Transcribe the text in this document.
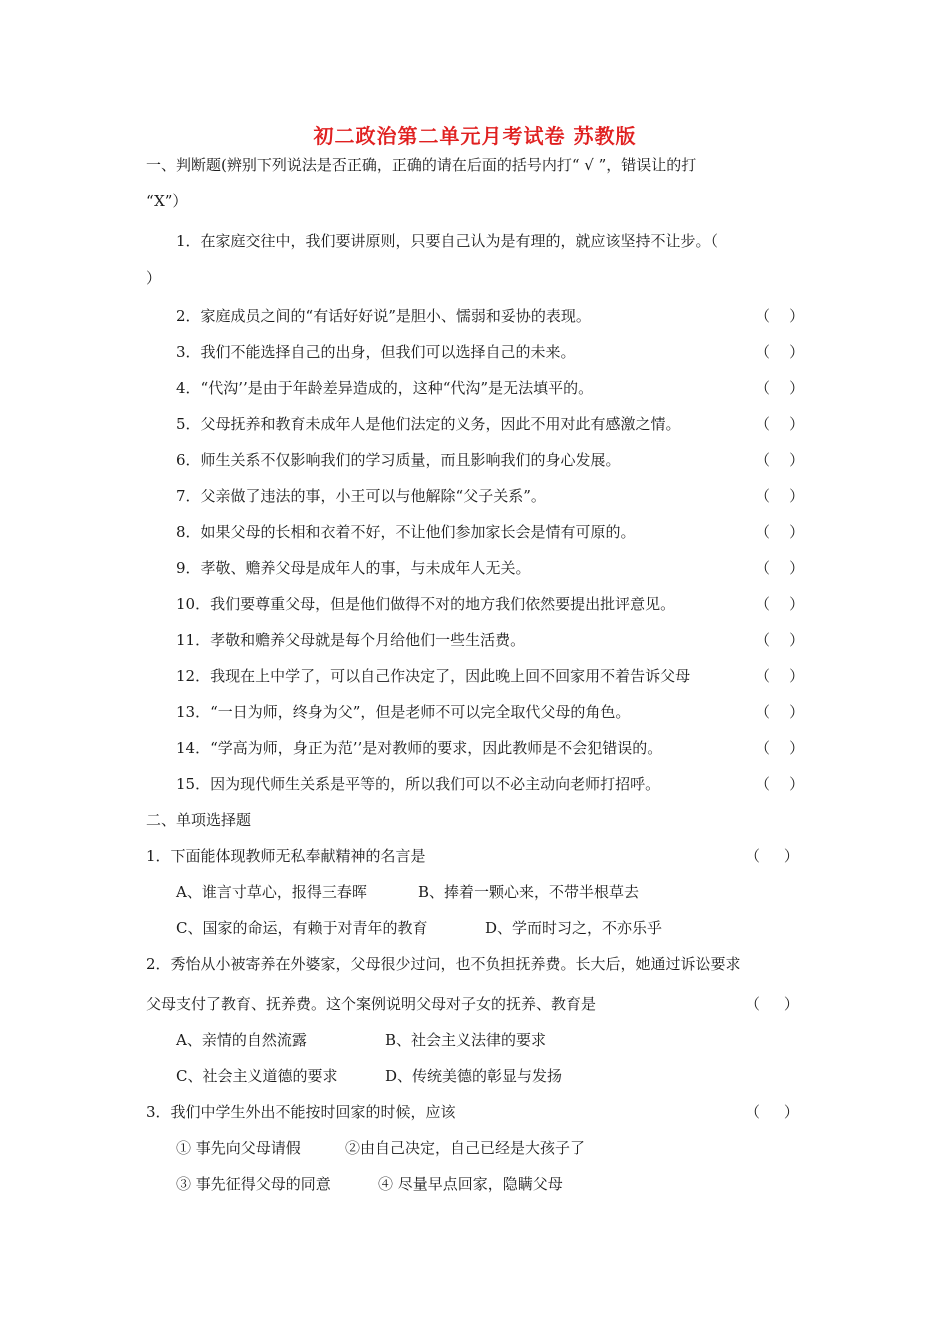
初二政治第二单元月考试卷 苏教版
一、判断题(辨别下列说法是否正确，正确的请在后面的括号内打“ √ ”，错误让的打
“X”）
1．在家庭交往中，我们要讲原则，只要自己认为是有理的，就应该坚持不让步。（
）
2．家庭成员之间的“有话好好说”是胆小、懦弱和妥协的表现。	（    ）
3．我们不能选择自己的出身，但我们可以选择自己的未来。	（    ）
4．“代沟’’是由于年龄差异造成的，这种“代沟”是无法填平的。	（    ）
5．父母抚养和教育未成年人是他们法定的义务，因此不用对此有感激之情。	（    ）
6．师生关系不仅影响我们的学习质量，而且影响我们的身心发展。	（    ）
7．父亲做了违法的事，小王可以与他解除“父子关系”。	（    ）
8．如果父母的长相和衣着不好，不让他们参加家长会是情有可原的。	（    ）
9．孝敬、赡养父母是成年人的事，与未成年人无关。	（    ）
10．我们要尊重父母，但是他们做得不对的地方我们依然要提出批评意见。	（    ）
11．孝敬和赡养父母就是每个月给他们一些生活费。	（    ）
12．我现在上中学了，可以自己作决定了，因此晚上回不回家用不着告诉父母	（    ）
13．“一日为师，终身为父”，但是老师不可以完全取代父母的角色。	（    ）
14．“学高为师，身正为范’’是对教师的要求，因此教师是不会犯错误的。	（    ）
15．因为现代师生关系是平等的，所以我们可以不必主动向老师打招呼。	（    ）
二、单项选择题
1．下面能体现教师无私奉献精神的名言是	（     ）
A、谁言寸草心，报得三春晖	B、捧着一颗心来，不带半根草去
C、国家的命运，有赖于对青年的教育	D、学而时习之，不亦乐乎
2．秀怡从小被寄养在外婆家，父母很少过问，也不负担抚养费。长大后，她通过诉讼要求
父母支付了教育、抚养费。这个案例说明父母对子女的抚养、教育是	（     ）
A、亲情的自然流露	B、社会主义法律的要求
C、社会主义道德的要求	D、传统美德的彰显与发扬
3．我们中学生外出不能按时回家的时候，应该	（     ）
① 事先向父母请假	②由自己决定，自己已经是大孩子了
③ 事先征得父母的同意	④ 尽量早点回家，隐瞒父母
